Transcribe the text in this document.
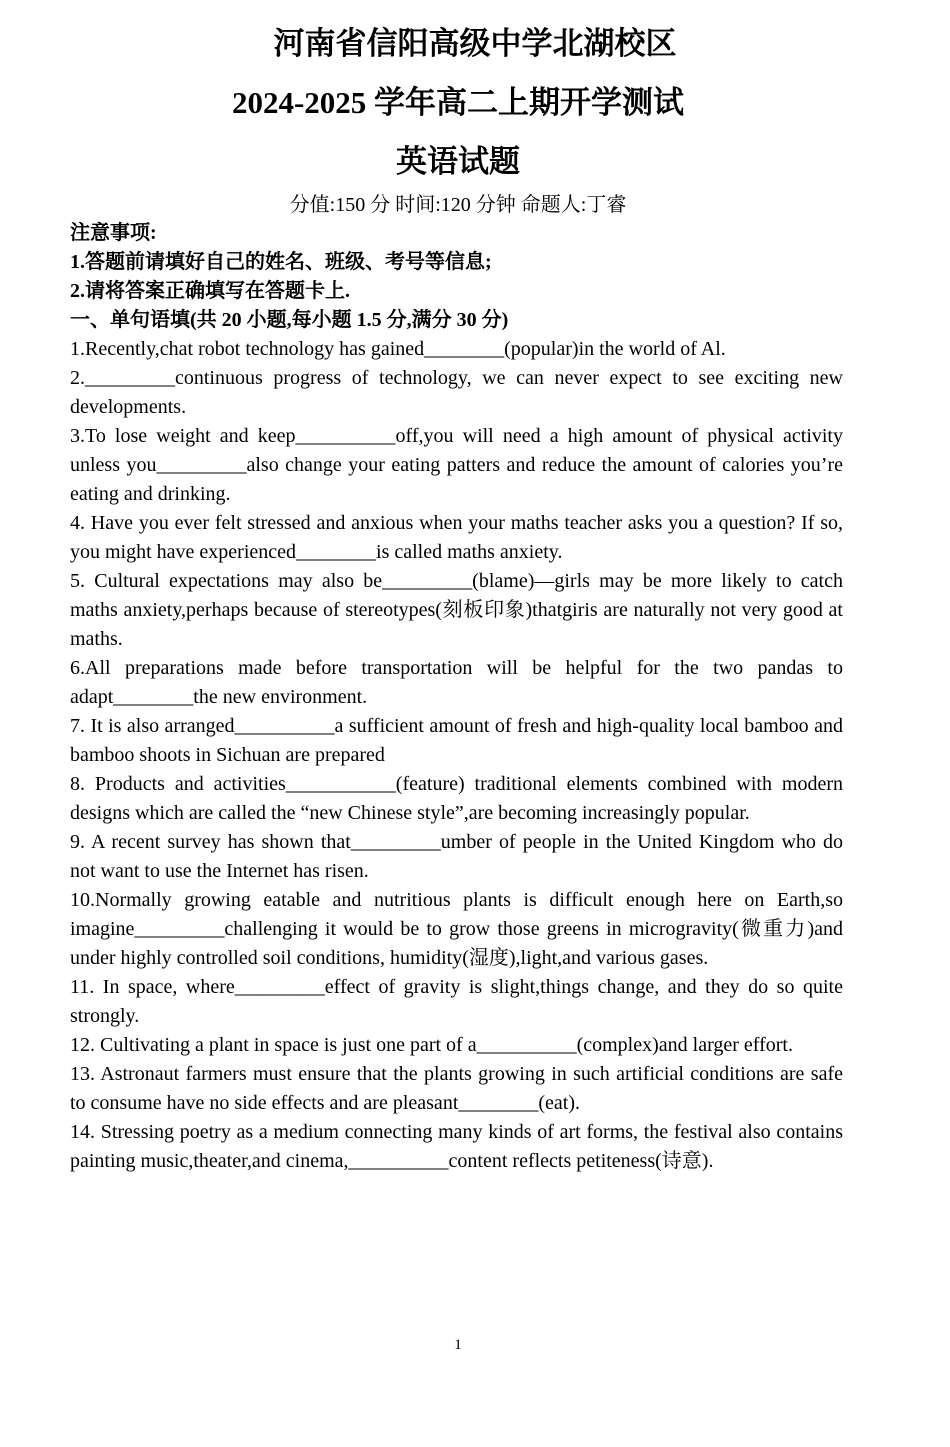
河南省信阳高级中学北湖校区
2024-2025 学年高二上期开学测试
英语试题
分值:150 分 时间:120 分钟 命题人:丁睿

注意事项:

1.答题前请填好自己的姓名、班级、考号等信息;

2.请将答案正确填写在答题卡上.

一、单句语填(共 20 小题,每小题 1.5 分,满分 30 分)

1.Recently,chat robot technology has gained________(popular)in the world of Al.

2._________continuous progress of technology, we can never expect to see exciting new developments.

3.To lose weight and keep__________off,you will need a high amount of physical activity unless you_________also change your eating patters and reduce the amount of calories you’re eating and drinking.

4. Have you ever felt stressed and anxious when your maths teacher asks you a question? If so, you might have experienced________is called maths anxiety.

5. Cultural expectations may also be_________(blame)—girls may be more likely to catch maths anxiety,perhaps because of stereotypes(刻板印象)thatgiris are naturally not very good at maths.

6.All preparations made before transportation will be helpful for the two pandas to adapt________the new environment.

7. It is also arranged__________a sufficient amount of fresh and high-quality local bamboo and bamboo shoots in Sichuan are prepared

8. Products and activities___________(feature) traditional elements combined with modern designs which are called the “new Chinese style”,are becoming increasingly popular.

9. A recent survey has shown that_________umber of people in the United Kingdom who do not want to use the Internet has risen.

10.Normally growing eatable and nutritious plants is difficult enough here on Earth,so imagine_________challenging it would be to grow those greens in microgravity(微重力)and under highly controlled soil conditions, humidity(湿度),light,and various gases.

11. In space, where_________effect of gravity is slight,things change, and they do so quite strongly.

12. Cultivating a plant in space is just one part of a__________(complex)and larger effort.

13. Astronaut farmers must ensure that the plants growing in such artificial conditions are safe to consume have no side effects and are pleasant________(eat).

14. Stressing poetry as a medium connecting many kinds of art forms, the festival also contains painting music,theater,and cinema,__________content reflects petiteness(诗意).

1
